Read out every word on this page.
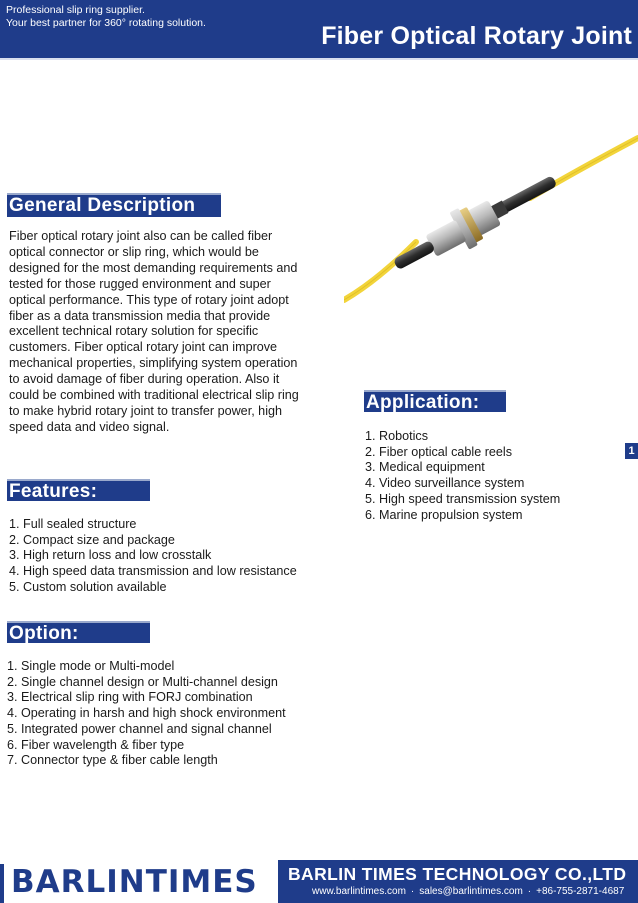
Professional slip ring supplier.
Your best partner for 360° rotating solution.	Fiber Optical Rotary Joint
General Description
Fiber optical rotary joint also can be called fiber optical connector or slip ring, which would be designed for the most demanding requirements and tested for those rugged environment and super optical performance. This type of rotary joint adopt fiber as a data transmission media that provide excellent technical rotary solution for specific customers. Fiber optical rotary joint can improve mechanical properties, simplifying system operation to avoid damage of fiber during operation. Also it could be combined with traditional electrical slip ring to make hybrid rotary joint to transfer power, high speed data and video signal.
Application:
1. Robotics
2. Fiber optical cable reels
3. Medical equipment
4. Video surveillance system
5. High speed transmission system
6. Marine propulsion system
1
Features:
1. Full sealed structure
2. Compact size and package
3. High return loss and low crosstalk
4. High speed data transmission and low resistance
5. Custom solution available
Option:
1. Single mode or Multi-model
2. Single channel design or Multi-channel design
3. Electrical slip ring with FORJ combination
4. Operating in harsh and high shock environment
5. Integrated power channel and signal channel
6. Fiber wavelength & fiber type
7. Connector type & fiber cable length
BARLINTIMES BARLIN TIMES TECHNOLOGY CO.,LTD
www.barlintimes.com · sales@barlintimes.com · +86-755-2871-4687
